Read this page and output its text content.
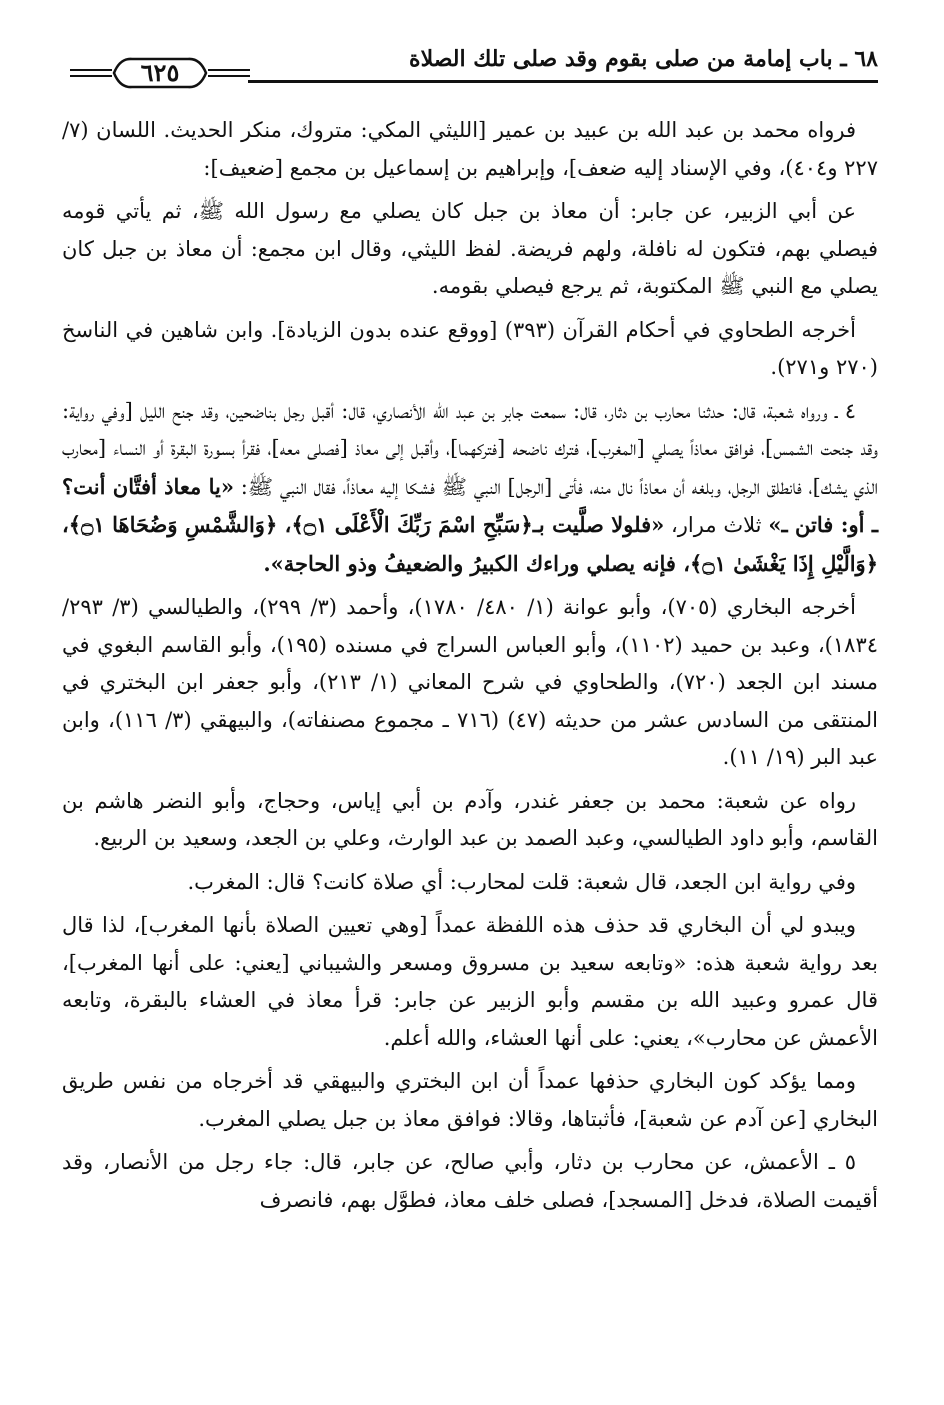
٦٨ ـ باب إمامة من صلى بقوم وقد صلى تلك الصلاة
٦٢٥

فرواه محمد بن عبد الله بن عبيد بن عمير [الليثي المكي: متروك، منكر الحديث. اللسان (٧/ ٢٢٧ و٤٠٤)، وفي الإسناد إليه ضعف]، وإبراهيم بن إسماعيل بن مجمع [ضعيف]:

عن أبي الزبير، عن جابر: أن معاذ بن جبل كان يصلي مع رسول الله ﷺ، ثم يأتي قومه فيصلي بهم، فتكون له نافلة، ولهم فريضة. لفظ الليثي، وقال ابن مجمع: أن معاذ بن جبل كان يصلي مع النبي ﷺ المكتوبة، ثم يرجع فيصلي بقومه.

أخرجه الطحاوي في أحكام القرآن (٣٩٣) [ووقع عنده بدون الزيادة]. وابن شاهين في الناسخ (٢٧٠ و٢٧١).

٤ ـ ورواه شعبة، قال: حدثنا محارب بن دثار، قال: سمعت جابر بن عبد الله الأنصاري، قال: أقبل رجل بناضحين، وقد جنح الليل [وفي رواية: وقد جنحت الشمس]، فوافق معاذاً يصلي [المغرب]، فترك ناضحه [فتركهما]، وأقبل إلى معاذ [فصلى معه]، فقرأ بسورة البقرة أو النساء [محارب الذي يشك]، فانطلق الرجل، وبلغه أن معاذاً نال منه، فأتى [الرجل] النبي ﷺ فشكا إليه معاذاً، فقال النبي ﷺ: «يا معاذ أفتَّان أنت؟ـ أو: فاتن ـ» ثلاث مرار، «فلولا صلَّيت بـ﴿سَبِّحِ اسْمَ رَبِّكَ الْأَعْلَى ۝١﴾، ﴿وَالشَّمْسِ وَضُحَاهَا ۝١﴾، ﴿وَالَّيْلِ إِذَا يَغْشَىٰ ۝١﴾، فإنه يصلي وراءك الكبيرُ والضعيفُ وذو الحاجة».

أخرجه البخاري (٧٠٥)، وأبو عوانة (١/ ٤٨٠/ ١٧٨٠)، وأحمد (٣/ ٢٩٩)، والطيالسي (٣/ ٢٩٣/ ١٨٣٤)، وعبد بن حميد (١١٠٢)، وأبو العباس السراج في مسنده (١٩٥)، وأبو القاسم البغوي في مسند ابن الجعد (٧٢٠)، والطحاوي في شرح المعاني (١/ ٢١٣)، وأبو جعفر ابن البختري في المنتقى من السادس عشر من حديثه (٤٧) (٧١٦ ـ مجموع مصنفاته)، والبيهقي (٣/ ١١٦)، وابن عبد البر (١٩/ ١١).

رواه عن شعبة: محمد بن جعفر غندر، وآدم بن أبي إياس، وحجاج، وأبو النضر هاشم بن القاسم، وأبو داود الطيالسي، وعبد الصمد بن عبد الوارث، وعلي بن الجعد، وسعيد بن الربيع.

وفي رواية ابن الجعد، قال شعبة: قلت لمحارب: أي صلاة كانت؟ قال: المغرب.

ويبدو لي أن البخاري قد حذف هذه اللفظة عمداً [وهي تعيين الصلاة بأنها المغرب]، لذا قال بعد رواية شعبة هذه: «وتابعه سعيد بن مسروق ومسعر والشيباني [يعني: على أنها المغرب]، قال عمرو وعبيد الله بن مقسم وأبو الزبير عن جابر: قرأ معاذ في العشاء بالبقرة، وتابعه الأعمش عن محارب»، يعني: على أنها العشاء، والله أعلم.

ومما يؤكد كون البخاري حذفها عمداً أن ابن البختري والبيهقي قد أخرجاه من نفس طريق البخاري [عن آدم عن شعبة]، فأثبتاها، وقالا: فوافق معاذ بن جبل يصلي المغرب.

٥ ـ الأعمش، عن محارب بن دثار، وأبي صالح، عن جابر، قال: جاء رجل من الأنصار، وقد أقيمت الصلاة، فدخل [المسجد]، فصلى خلف معاذ، فطوَّل بهم، فانصرف
